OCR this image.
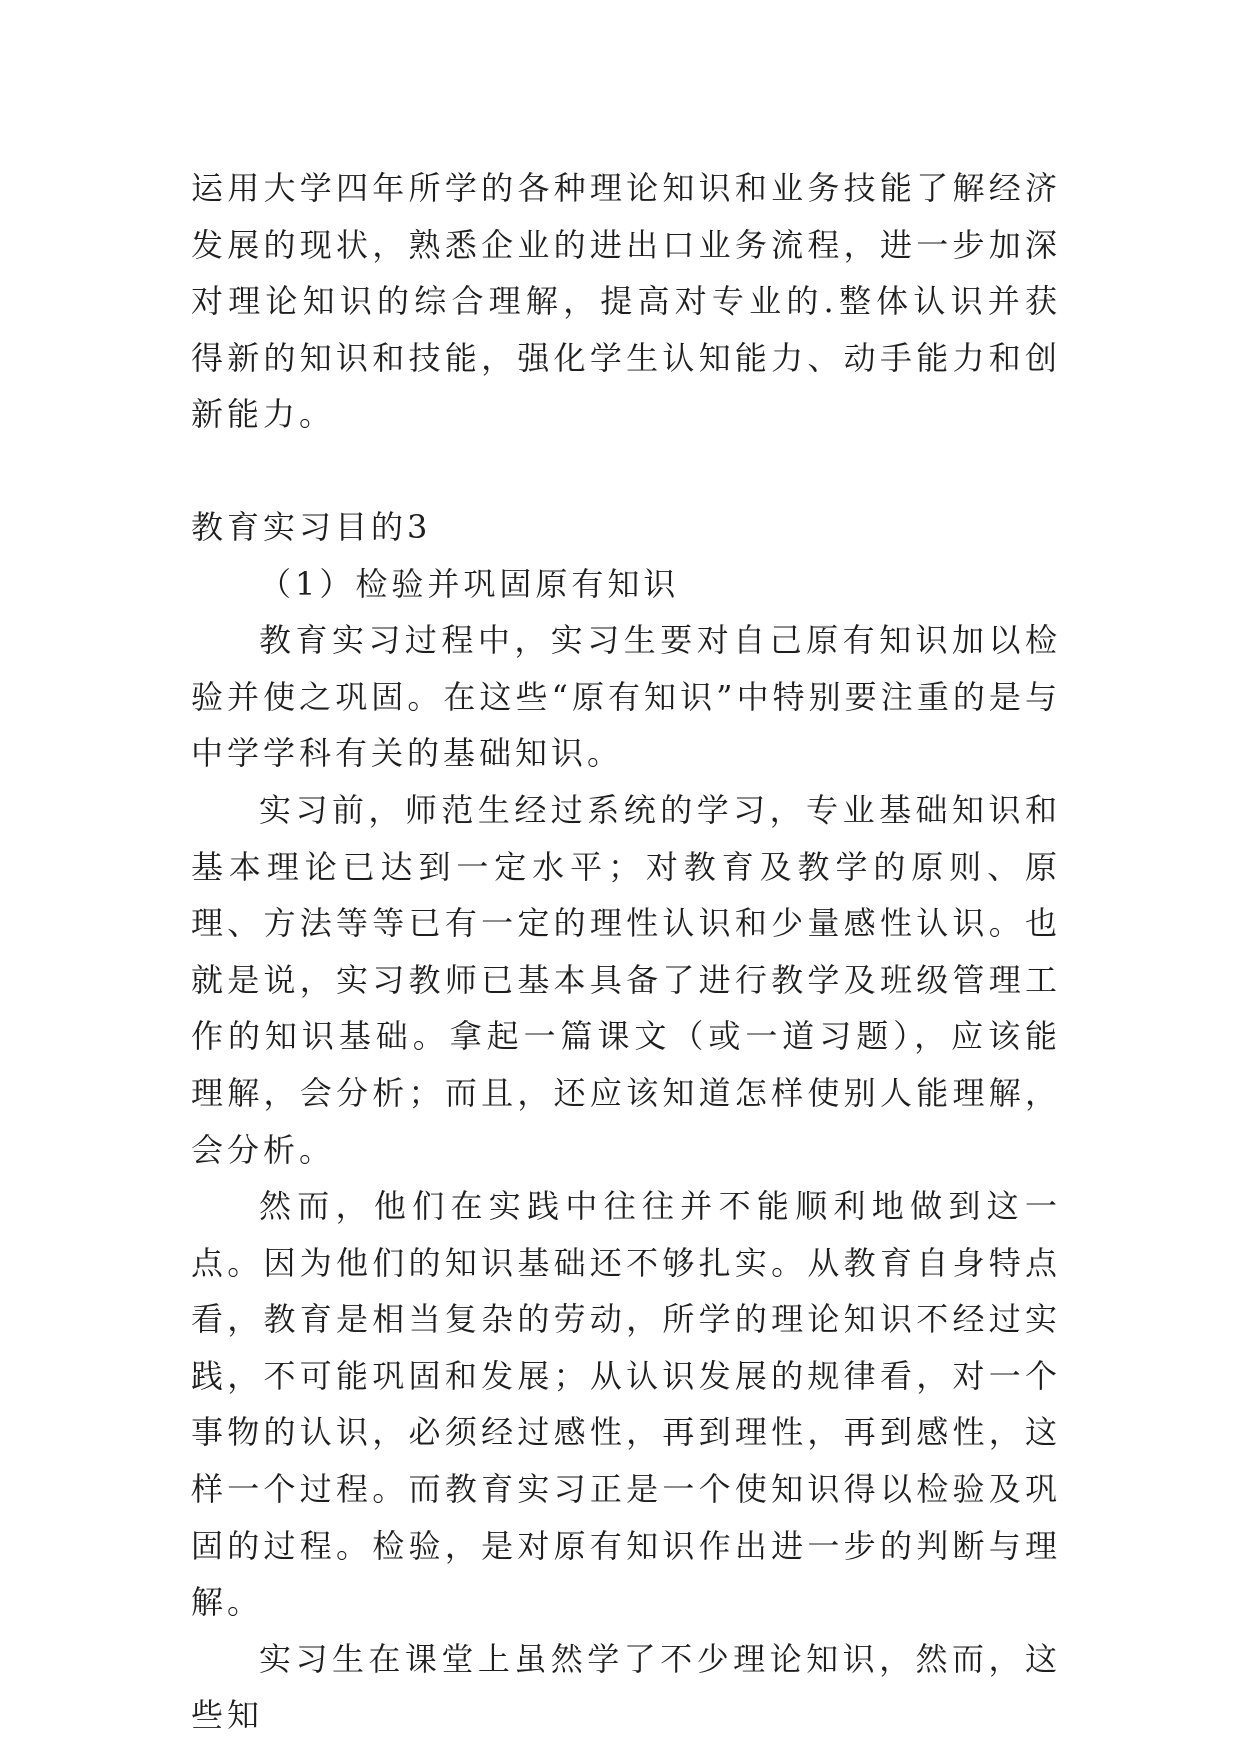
运用大学四年所学的各种理论知识和业务技能了解经济发展的现状，熟悉企业的进出口业务流程，进一步加深对理论知识的综合理解，提高对专业的.整体认识并获得新的知识和技能，强化学生认知能力、动手能力和创新能力。

教育实习目的3

（1）检验并巩固原有知识

教育实习过程中，实习生要对自己原有知识加以检验并使之巩固。在这些“原有知识”中特别要注重的是与中学学科有关的基础知识。

实习前，师范生经过系统的学习，专业基础知识和基本理论已达到一定水平；对教育及教学的原则、原理、方法等等已有一定的理性认识和少量感性认识。也就是说，实习教师已基本具备了进行教学及班级管理工作的知识基础。拿起一篇课文（或一道习题），应该能理解，会分析；而且，还应该知道怎样使别人能理解，会分析。

然而，他们在实践中往往并不能顺利地做到这一点。因为他们的知识基础还不够扎实。从教育自身特点看，教育是相当复杂的劳动，所学的理论知识不经过实践，不可能巩固和发展；从认识发展的规律看，对一个事物的认识，必须经过感性，再到理性，再到感性，这样一个过程。而教育实习正是一个使知识得以检验及巩固的过程。检验，是对原有知识作出进一步的判断与理解。

实习生在课堂上虽然学了不少理论知识，然而，这些知
